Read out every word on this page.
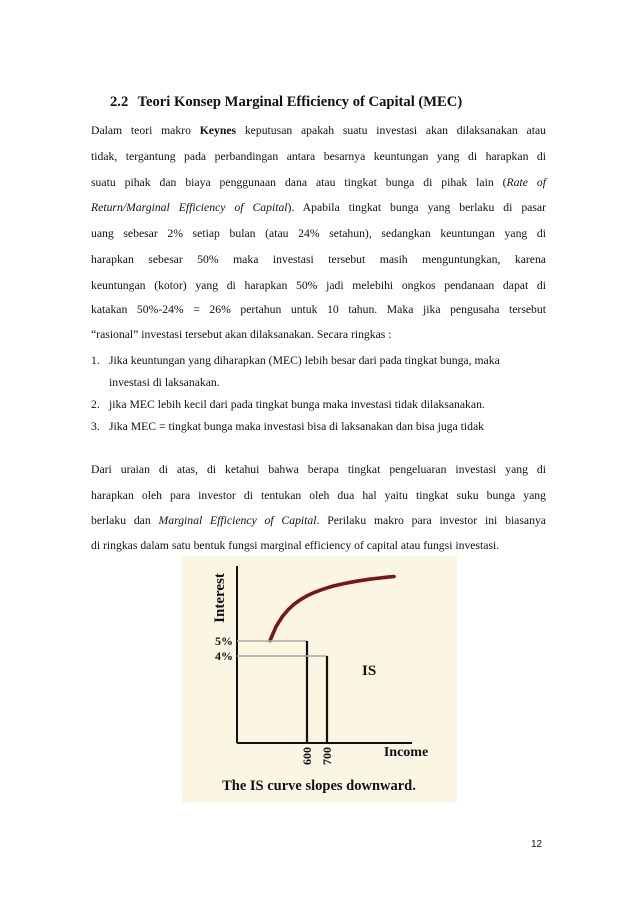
2.2 Teori Konsep Marginal Efficiency of Capital (MEC)
Dalam teori makro Keynes keputusan apakah suatu investasi akan dilaksanakan atau
tidak, tergantung pada perbandingan antara besarnya keuntungan yang di harapkan di
suatu pihak dan biaya penggunaan dana atau tingkat bunga di pihak lain (Rate of
Return/Marginal Efficiency of Capital). Apabila tingkat bunga yang berlaku di pasar
uang sebesar 2% setiap bulan (atau 24% setahun), sedangkan keuntungan yang di
harapkan sebesar 50% maka investasi tersebut masih menguntungkan, karena
keuntungan (kotor) yang di harapkan 50% jadi melebihi ongkos pendanaan dapat di
katakan 50%-24% = 26% pertahun untuk 10 tahun. Maka jika pengusaha tersebut
“rasional” investasi tersebut akan dilaksanakan. Secara ringkas :
1. Jika keuntungan yang diharapkan (MEC) lebih besar dari pada tingkat bunga, maka
investasi di laksanakan.
2. jika MEC lebih kecil dari pada tingkat bunga maka investasi tidak dilaksanakan.
3. Jika MEC = tingkat bunga maka investasi bisa di laksanakan dan bisa juga tidak
Dari uraian di atas, di ketahui bahwa berapa tingkat pengeluaran investasi yang di
harapkan oleh para investor di tentukan oleh dua hal yaitu tingkat suku bunga yang
berlaku dan Marginal Efficiency of Capital. Perilaku makro para investor ini biasanya
di ringkas dalam satu bentuk fungsi marginal efficiency of capital atau fungsi investasi.
Interest
Income
IS
The IS curve slopes downward.
5%
600
4%
700
12
